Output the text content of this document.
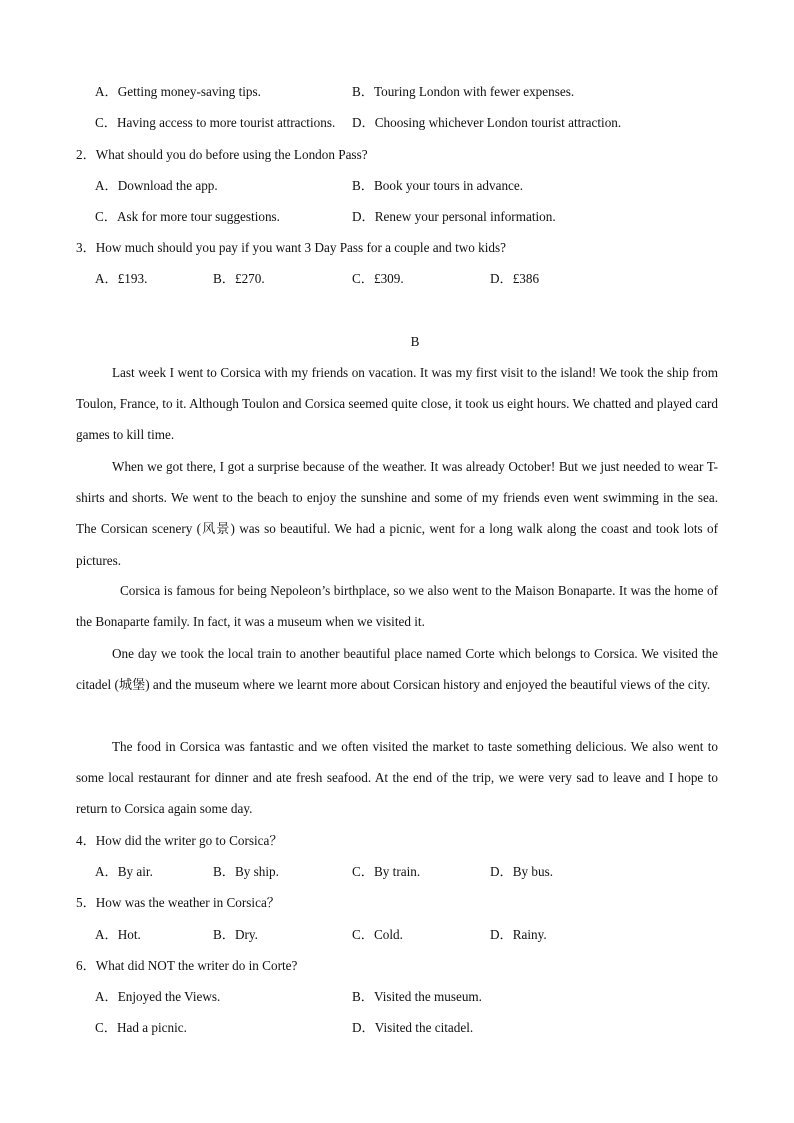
A．Getting money-saving tips.	B．Touring London with fewer expenses.
C．Having access to more tourist attractions. D．Choosing whichever London tourist attraction.
2．What should you do before using the London Pass?
A．Download the app.	B．Book your tours in advance.
C．Ask for more tour suggestions.	D．Renew your personal information.
3．How much should you pay if you want 3 Day Pass for a couple and two kids?
A．£193.	B．£270.	C．£309.	D．£386
B

Last week I went to Corsica with my friends on vacation. It was my first visit to the island! We took the ship from Toulon, France, to it. Although Toulon and Corsica seemed quite close, it took us eight hours. We chatted and played card games to kill time.

When we got there, I got a surprise because of the weather. It was already October! But we just needed to wear T-shirts and shorts. We went to the beach to enjoy the sunshine and some of my friends even went swimming in the sea. The Corsican scenery (风景) was so beautiful. We had a picnic, went for a long walk along the coast and took lots of pictures.

Corsica is famous for being Nepoleon’s birthplace, so we also went to the Maison Bonaparte. It was the home of the Bonaparte family. In fact, it was a museum when we visited it.

One day we took the local train to another beautiful place named Corte which belongs to Corsica. We visited the citadel (城堡) and the museum where we learnt more about Corsican history and enjoyed the beautiful views of the city.

The food in Corsica was fantastic and we often visited the market to taste something delicious. We also went to some local restaurant for dinner and ate fresh seafood. At the end of the trip, we were very sad to leave and I hope to return to Corsica again some day.

4．How did the writer go to Corsica？
A．By air.	B．By ship.	C．By train.	D．By bus.
5．How was the weather in Corsica？
A．Hot.	B．Dry.	C．Cold.	D．Rainy.
6．What did NOT the writer do in Corte?
A．Enjoyed the Views.	B．Visited the museum.
C．Had a picnic.	D．Visited the citadel.
